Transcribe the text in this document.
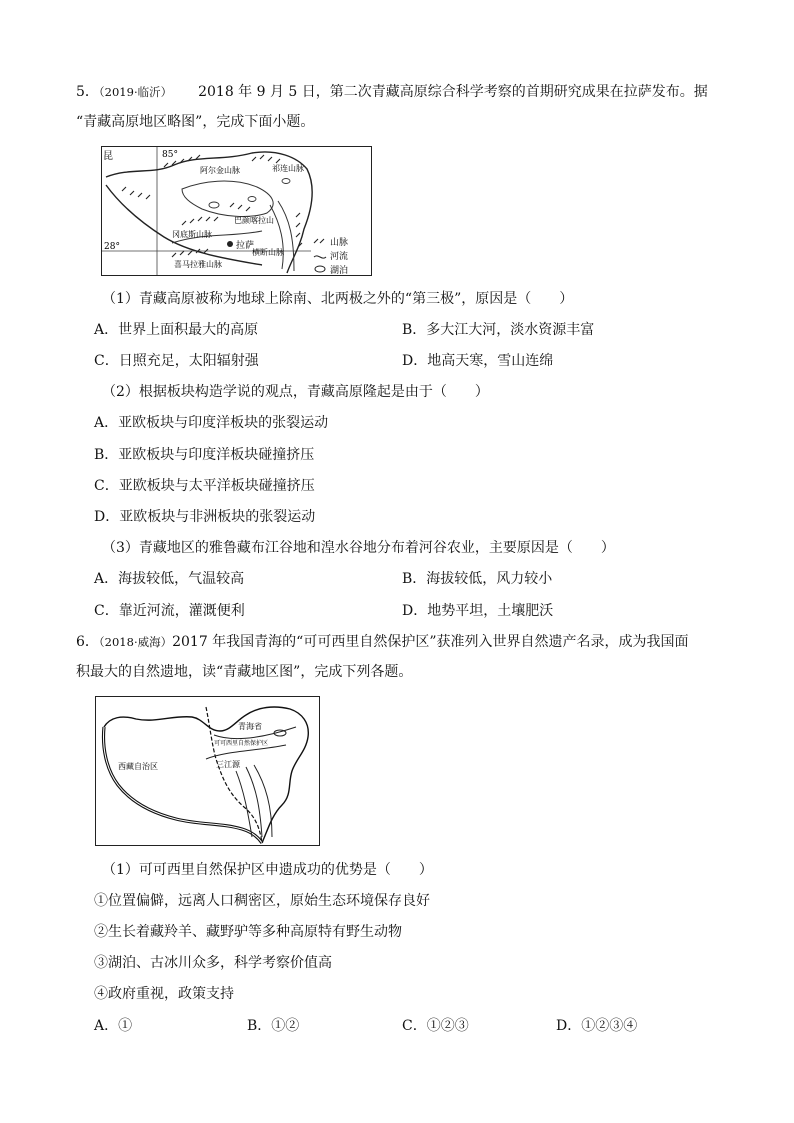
5．（2019·临沂） 2018 年 9 月 5 日，第二次青藏高原综合科学考察的首期研究成果在拉萨发布。据
“青藏高原地区略图”，完成下面小题。
昆	85°
28°	拉萨
阿尔金山脉	祁连山脉
巴颜喀拉山
冈底斯山脉
喜马拉雅山脉
横断山脉
山脉
河流
湖泊
（1）青藏高原被称为地球上除南、北两极之外的“第三极”，原因是（　　）
A．世界上面积最大的高原	B．多大江大河，淡水资源丰富
C．日照充足，太阳辐射强	D．地高天寒，雪山连绵
（2）根据板块构造学说的观点，青藏高原隆起是由于（　　）
A．亚欧板块与印度洋板块的张裂运动
B．亚欧板块与印度洋板块碰撞挤压
C．亚欧板块与太平洋板块碰撞挤压
D．亚欧板块与非洲板块的张裂运动
（3）青藏地区的雅鲁藏布江谷地和湟水谷地分布着河谷农业，主要原因是（　　）
A．海拔较低，气温较高	B．海拔较低，风力较小
C．靠近河流，灌溉便利	D．地势平坦，土壤肥沃
6．（2018·威海）2017 年我国青海的“可可西里自然保护区”获准列入世界自然遗产名录，成为我国面
积最大的自然遗地，读“青藏地区图”，完成下列各题。
青海省
可可西里自然保护区
西藏自治区	三江源
（1）可可西里自然保护区申遗成功的优势是（　　）
①位置偏僻，远离人口稠密区，原始生态环境保存良好
②生长着藏羚羊、藏野驴等多种高原特有野生动物
③湖泊、古冰川众多，科学考察价值高
④政府重视，政策支持
A．①	B．①②	C．①②③	D．①②③④
